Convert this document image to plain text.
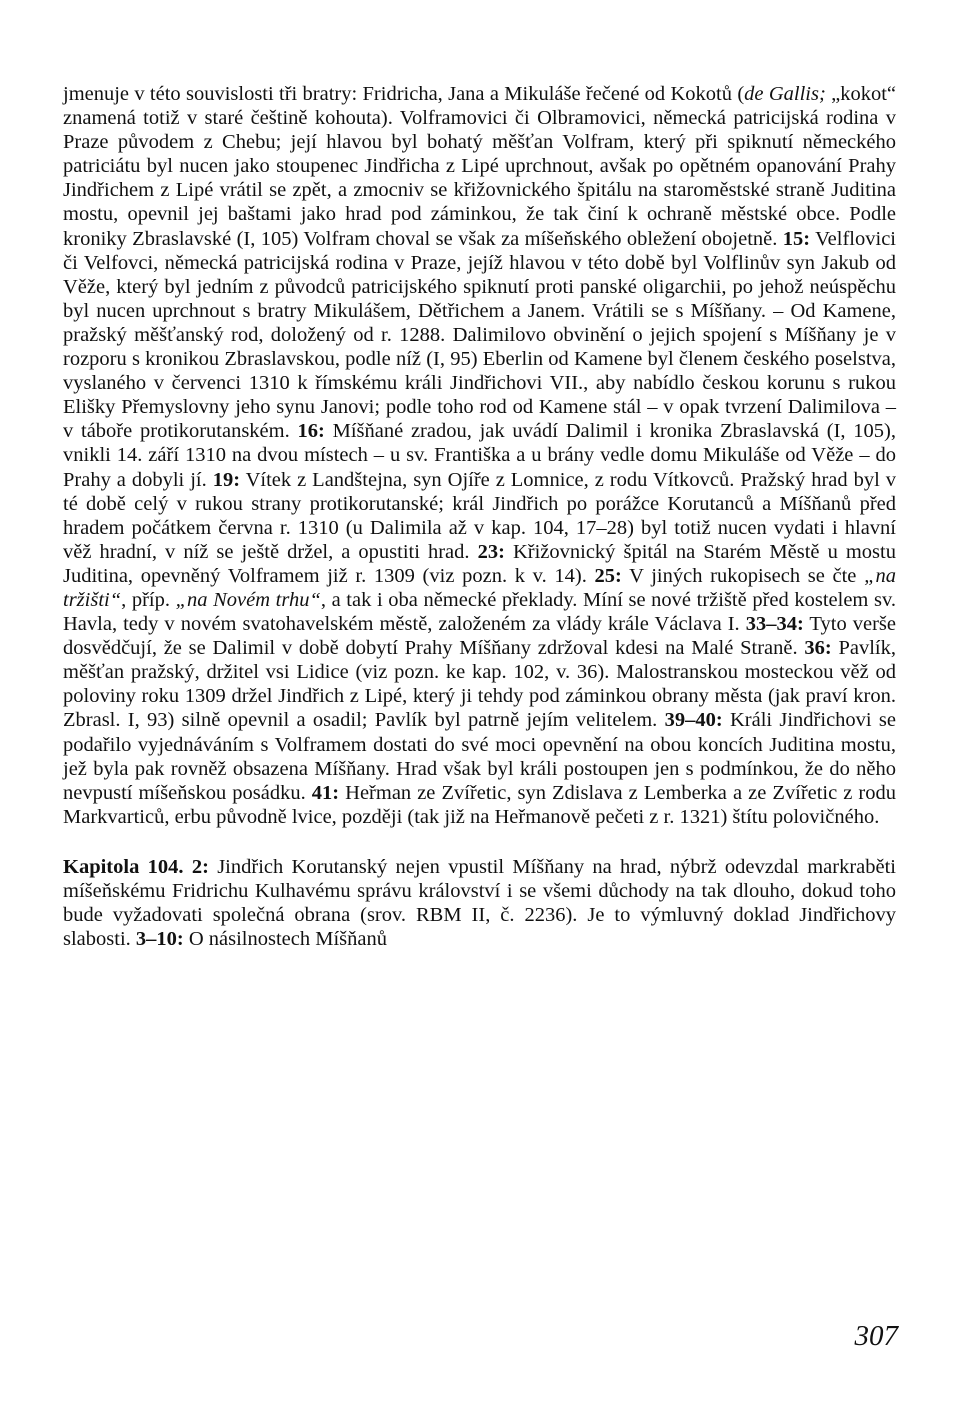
jmenuje v této souvislosti tři bratry: Fridricha, Jana a Mikuláše řečené od Kokotů (de Gallis; „kokot“ znamená totiž v staré češtině kohouta). Volframovici či Olbramovici, německá patricijská rodina v Praze původem z Chebu; její hlavou byl bohatý měšťan Volfram, který při spiknutí německého patriciátu byl nucen jako stoupenec Jindřicha z Lipé uprchnout, avšak po opětném opanování Prahy Jindřichem z Lipé vrátil se zpět, a zmocniv se křižovnického špitálu na staroměstské straně Juditina mostu, opevnil jej baštami jako hrad pod záminkou, že tak činí k ochraně městské obce. Podle kroniky Zbraslavské (I, 105) Volfram choval se však za míšeňského obležení obojetně. 15: Velflovici či Velfovci, německá patricijská rodina v Praze, jejíž hlavou v této době byl Volflinův syn Jakub od Věže, který byl jedním z původců patricijského spiknutí proti panské oligarchii, po jehož neúspěchu byl nucen uprchnout s bratry Mikulášem, Dětřichem a Janem. Vrátili se s Míšňany. – Od Kamene, pražský měšťanský rod, doložený od r. 1288. Dalimilovo obvinění o jejich spojení s Míšňany je v rozporu s kronikou Zbraslavskou, podle níž (I, 95) Eberlin od Kamene byl členem českého poselstva, vyslaného v červenci 1310 k římskému králi Jindřichovi VII., aby nabídlo českou korunu s rukou Elišky Přemyslovny jeho synu Janovi; podle toho rod od Kamene stál – v opak tvrzení Dalimilova – v táboře protikorutanském. 16: Míšňané zradou, jak uvádí Dalimil i kronika Zbraslavská (I, 105), vnikli 14. září 1310 na dvou místech – u sv. Františka a u brány vedle domu Mikuláše od Věže – do Prahy a dobyli jí. 19: Vítek z Landštejna, syn Ojíře z Lomnice, z rodu Vítkovců. Pražský hrad byl v té době celý v rukou strany protikorutanské; král Jindřich po porážce Korutanců a Míšňanů před hradem počátkem června r. 1310 (u Dalimila až v kap. 104, 17–28) byl totiž nucen vydati i hlavní věž hradní, v níž se ještě držel, a opustiti hrad. 23: Křižovnický špitál na Starém Městě u mostu Juditina, opevněný Volframem již r. 1309 (viz pozn. k v. 14). 25: V jiných rukopisech se čte „na tržišti“, příp. „na Novém trhu“, a tak i oba německé překlady. Míní se nové tržiště před kostelem sv. Havla, tedy v novém svatohavelském městě, založeném za vlády krále Václava I. 33–34: Tyto verše dosvědčují, že se Dalimil v době dobytí Prahy Míšňany zdržoval kdesi na Malé Straně. 36: Pavlík, měšťan pražský, držitel vsi Lidice (viz pozn. ke kap. 102, v. 36). Malostranskou mosteckou věž od poloviny roku 1309 držel Jindřich z Lipé, který ji tehdy pod záminkou obrany města (jak praví kron. Zbrasl. I, 93) silně opevnil a osadil; Pavlík byl patrně jejím velitelem. 39–40: Králi Jindřichovi se podařilo vyjednáváním s Volframem dostati do své moci opevnění na obou koncích Juditina mostu, jež byla pak rovněž obsazena Míšňany. Hrad však byl králi postoupen jen s podmínkou, že do něho nevpustí míšeňskou posádku. 41: Heřman ze Zvířetic, syn Zdislava z Lemberka a ze Zvířetic z rodu Markvarticů, erbu původně lvice, později (tak již na Heřmanově pečeti z r. 1321) štítu polovičného.

Kapitola 104. 2: Jindřich Korutanský nejen vpustil Míšňany na hrad, nýbrž odevzdal markraběti míšeňskému Fridrichu Kulhavému správu království i se všemi důchody na tak dlouho, dokud toho bude vyžadovati společná obrana (srov. RBM II, č. 2236). Je to výmluvný doklad Jindřichovy slabosti. 3–10: O násilnostech Míšňanů

307
